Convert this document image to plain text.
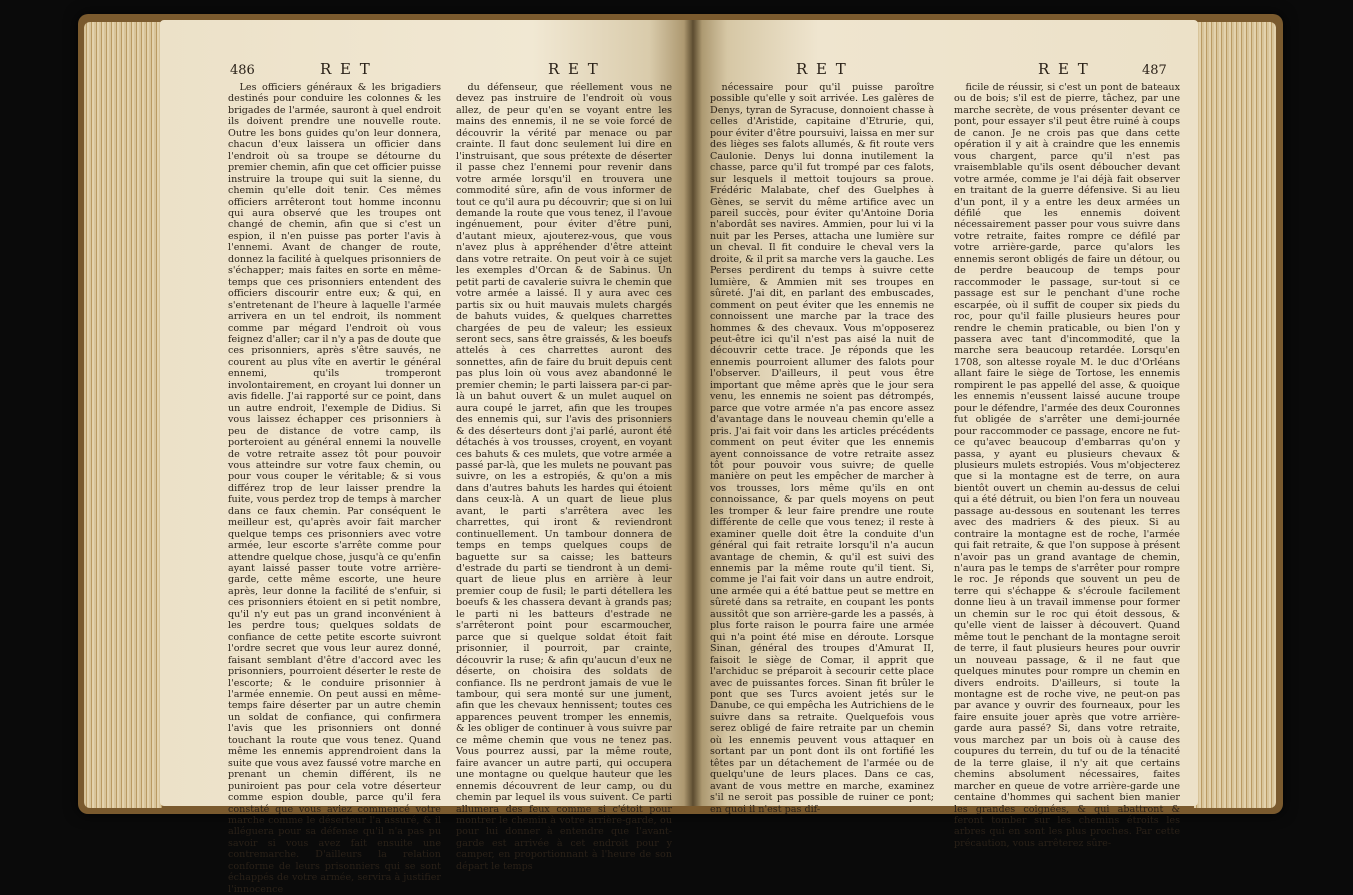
486	R E T	R E T

Les officiers généraux & les brigadiers destinés pour conduire les colonnes & les brigades de l'armée, sauront à quel endroit ils doivent prendre une nouvelle route. Outre les bons guides qu'on leur donnera, chacun d'eux laissera un officier dans l'endroit où sa troupe se détourne du premier chemin, afin que cet officier puisse instruire la troupe qui suit la sienne, du chemin qu'elle doit tenir. Ces mêmes officiers arrêteront tout homme inconnu qui aura observé que les troupes ont changé de chemin, afin que si c'est un espion, il n'en puisse pas porter l'avis à l'ennemi. Avant de changer de route, donnez la facilité à quelques prisonniers de s'échapper; mais faites en sorte en même-temps que ces prisonniers entendent des officiers discourir entre eux; & qui, en s'entretenant de l'heure à laquelle l'armée arrivera en un tel endroit, ils nomment comme par mégard l'endroit où vous feignez d'aller; car il n'y a pas de doute que ces prisonniers, après s'être sauvés, ne courent au plus vîte en avertir le général ennemi, qu'ils tromperont involontairement, en croyant lui donner un avis fidelle. J'ai rapporté sur ce point, dans un autre endroit, l'exemple de Didius. Si vous laissez échapper ces prisonniers à peu de distance de votre camp, ils porteroient au général ennemi la nouvelle de votre retraite assez tôt pour pouvoir vous atteindre sur votre faux chemin, ou pour vous couper le véritable; & si vous différez trop de leur laisser prendre la fuite, vous perdez trop de temps à marcher dans ce faux chemin. Par conséquent le meilleur est, qu'après avoir fait marcher quelque temps ces prisonniers avec votre armée, leur escorte s'arrête comme pour attendre quelque chose, jusqu'à ce qu'enfin ayant laissé passer toute votre arrière-garde, cette même escorte, une heure après, leur donne la facilité de s'enfuir, si ces prisonniers étoient en si petit nombre, qu'il n'y eut pas un grand inconvénient à les perdre tous; quelques soldats de confiance de cette petite escorte suivront l'ordre secret que vous leur aurez donné, faisant semblant d'être d'accord avec les prisonniers, pourroient déserter le reste de l'escorte; & le conduire prisonnier à l'armée ennemie. On peut aussi en même-temps faire déserter par un autre chemin un soldat de confiance, qui confirmera l'avis que les prisonniers ont donné touchant la route que vous tenez. Quand même les ennemis apprendroient dans la suite que vous avez faussé votre marche en prenant un chemin différent, ils ne puniroient pas pour cela votre déserteur comme espion double, parce qu'il fera constaté que vous aviez commencé votre marche comme le déserteur l'a assuré, & il alléguera pour sa défense qu'il n'a pas pu savoir si vous avez fait ensuite une contremarche. D'ailleurs la relation conforme de leurs prisonniers qui se sont échappés de votre armée, servira à justifier l'innocence

du défenseur, que réellement vous ne devez pas instruire de l'endroit où vous allez, de peur qu'en se voyant entre les mains des ennemis, il ne se voie forcé de découvrir la vérité par menace ou par crainte. Il faut donc seulement lui dire en l'instruisant, que sous prétexte de déserter il passe chez l'ennemi pour revenir dans votre armée lorsqu'il en trouvera une commodité sûre, afin de vous informer de tout ce qu'il aura pu découvrir; que si on lui demande la route que vous tenez, il l'avoue ingénuement, pour éviter d'être puni, d'autant mieux, ajouterez-vous, que vous n'avez plus à appréhender d'être atteint dans votre retraite. On peut voir à ce sujet les exemples d'Orcan & de Sabinus. Un petit parti de cavalerie suivra le chemin que votre armée a laissé. Il y aura avec ces partis six ou huit mauvais mulets chargés de bahuts vuides, & quelques charrettes chargées de peu de valeur; les essieux seront secs, sans être graissés, & les boeufs attelés à ces charrettes auront des sonnettes, afin de faire du bruit depuis cent pas plus loin où vous avez abandonné le premier chemin; le parti laissera par-ci par-là un bahut ouvert & un mulet auquel on aura coupé le jarret, afin que les troupes des ennemis qui, sur l'avis des prisonniers & des déserteurs dont j'ai parlé, auront été détachés à vos trousses, croyent, en voyant ces bahuts & ces mulets, que votre armée a passé par-là, que les mulets ne pouvant pas suivre, on les a estropiés, & qu'on a mis dans d'autres bahuts les hardes qui étoient dans ceux-là. A un quart de lieue plus avant, le parti s'arrêtera avec les charrettes, qui iront & reviendront continuellement. Un tambour donnera de temps en temps quelques coups de baguette sur sa caisse; les batteurs d'estrade du parti se tiendront à un demi-quart de lieue plus en arrière à leur premier coup de fusil; le parti détellera les boeufs & les chassera devant à grands pas; le parti ni les batteurs d'estrade ne s'arrêteront point pour escarmoucher, parce que si quelque soldat étoit fait prisonnier, il pourroit, par crainte, découvrir la ruse; & afin qu'aucun d'eux ne déserte, on choisira des soldats de confiance. Ils ne perdront jamais de vue le tambour, qui sera monté sur une jument, afin que les chevaux hennissent; toutes ces apparences peuvent tromper les ennemis, & les obliger de continuer à vous suivre par ce même chemin que vous ne tenez pas. Vous pourrez aussi, par la même route, faire avancer un autre parti, qui occupera une montagne ou quelque hauteur que les ennemis découvrent de leur camp, ou du chemin par lequel ils vous suivent. Ce parti allumera des feux comme si c'étoit pour montrer le chemin à votre arrière-garde, ou pour lui donner à entendre que l'avant-garde est arrivée à cet endroit pour y camper, en proportionnant à l'heure de son départ le temps

R E T	R E T	487

nécessaire pour qu'il puisse paroître possible qu'elle y soit arrivée. Les galères de Denys, tyran de Syracuse, donnoient chasse à celles d'Aristide, capitaine d'Etrurie, qui, pour éviter d'être poursuivi, laissa en mer sur des lièges ses falots allumés, & fit route vers Caulonie. Denys lui donna inutilement la chasse, parce qu'il fut trompé par ces falots, sur lesquels il mettoit toujours sa proue. Frédéric Malabate, chef des Guelphes à Gènes, se servit du même artifice avec un pareil succès, pour éviter qu'Antoine Doria n'abordât ses navires. Ammien, pour lui vi la nuit par les Perses, attacha une lumière sur un cheval. Il fit conduire le cheval vers la droite, & il prit sa marche vers la gauche. Les Perses perdirent du temps à suivre cette lumière, & Ammien mit ses troupes en sûreté. J'ai dit, en parlant des embuscades, comment on peut éviter que les ennemis ne connoissent une marche par la trace des hommes & des chevaux. Vous m'opposerez peut-être ici qu'il n'est pas aisé la nuit de découvrir cette trace. Je réponds que les ennemis pourroient allumer des falots pour l'observer. D'ailleurs, il peut vous être important que même après que le jour sera venu, les ennemis ne soient pas détrompés, parce que votre armée n'a pas encore assez d'avantage dans le nouveau chemin qu'elle a pris. J'ai fait voir dans les articles précédents comment on peut éviter que les ennemis ayent connoissance de votre retraite assez tôt pour pouvoir vous suivre; de quelle manière on peut les empêcher de marcher à vos trousses, lors même qu'ils en ont connoissance, & par quels moyens on peut les tromper & leur faire prendre une route différente de celle que vous tenez; il reste à examiner quelle doit être la conduite d'un général qui fait retraite lorsqu'il n'a aucun avantage de chemin, & qu'il est suivi des ennemis par la même route qu'il tient. Si, comme je l'ai fait voir dans un autre endroit, une armée qui a été battue peut se mettre en sûreté dans sa retraite, en coupant les ponts aussitôt que son arrière-garde les a passés, à plus forte raison le pourra faire une armée qui n'a point été mise en déroute. Lorsque Sinan, général des troupes d'Amurat II, faisoit le siège de Comar, il apprit que l'archiduc se préparoit à secourir cette place avec de puissantes forces. Sinan fit brûler le pont que ses Turcs avoient jetés sur le Danube, ce qui empêcha les Autrichiens de le suivre dans sa retraite. Quelquefois vous serez obligé de faire retraite par un chemin où les ennemis peuvent vous attaquer en sortant par un pont dont ils ont fortifié les têtes par un détachement de l'armée ou de quelqu'une de leurs places. Dans ce cas, avant de vous mettre en marche, examinez s'il ne seroit pas possible de ruiner ce pont; en quoi il n'est pas dif-

ficile de réussir, si c'est un pont de bateaux ou de bois; s'il est de pierre, tâchez, par une marche secrète, de vous présenter devant ce pont, pour essayer s'il peut être ruiné à coups de canon. Je ne crois pas que dans cette opération il y ait à craindre que les ennemis vous chargent, parce qu'il n'est pas vraisemblable qu'ils osent déboucher devant votre armée, comme je l'ai déjà fait observer en traitant de la guerre défensive. Si au lieu d'un pont, il y a entre les deux armées un défilé que les ennemis doivent nécessairement passer pour vous suivre dans votre retraite, faites rompre ce défilé par votre arrière-garde, parce qu'alors les ennemis seront obligés de faire un détour, ou de perdre beaucoup de temps pour raccommoder le passage, sur-tout si ce passage est sur le penchant d'une roche escarpée, où il suffit de couper six pieds du roc, pour qu'il faille plusieurs heures pour rendre le chemin praticable, ou bien l'on y passera avec tant d'incommodité, que la marche sera beaucoup retardée. Lorsqu'en 1708, son altesse royale M. le duc d'Orléans allant faire le siège de Tortose, les ennemis rompirent le pas appellé del asse, & quoique les ennemis n'eussent laissé aucune troupe pour le défendre, l'armée des deux Couronnes fut obligée de s'arrêter une demi-journée pour raccommoder ce passage, encore ne fut-ce qu'avec beaucoup d'embarras qu'on y passa, y ayant eu plusieurs chevaux & plusieurs mulets estropiés. Vous m'objecterez que si la montagne est de terre, on aura bientôt ouvert un chemin au-dessus de celui qui a été détruit, ou bien l'on fera un nouveau passage au-dessous en soutenant les terres avec des madriers & des pieux. Si au contraire la montagne est de roche, l'armée qui fait retraite, & que l'on suppose à présent n'avoir pas un grand avantage de chemin, n'aura pas le temps de s'arrêter pour rompre le roc. Je réponds que souvent un peu de terre qui s'échappe & s'écroule facilement donne lieu à un travail immense pour former un chemin sur le roc qui étoit dessous, & qu'elle vient de laisser à découvert. Quand même tout le penchant de la montagne seroit de terre, il faut plusieurs heures pour ouvrir un nouveau passage, & il ne faut que quelques minutes pour rompre un chemin en divers endroits. D'ailleurs, si toute la montagne est de roche vive, ne peut-on pas par avance y ouvrir des fourneaux, pour les faire ensuite jouer après que votre arrière-garde aura passé? Si, dans votre retraite, vous marchez par un bois où à cause des coupures du terrein, du tuf ou de la ténacité de la terre glaise, il n'y ait que certains chemins absolument nécessaires, faites marcher en queue de votre arrière-garde une centaine d'hommes qui sachent bien manier les grandes coignées, & qui abattront & feront tomber sur les chemins étroits les arbres qui en sont les plus proches. Par cette précaution, vous arrêterez sûre-
